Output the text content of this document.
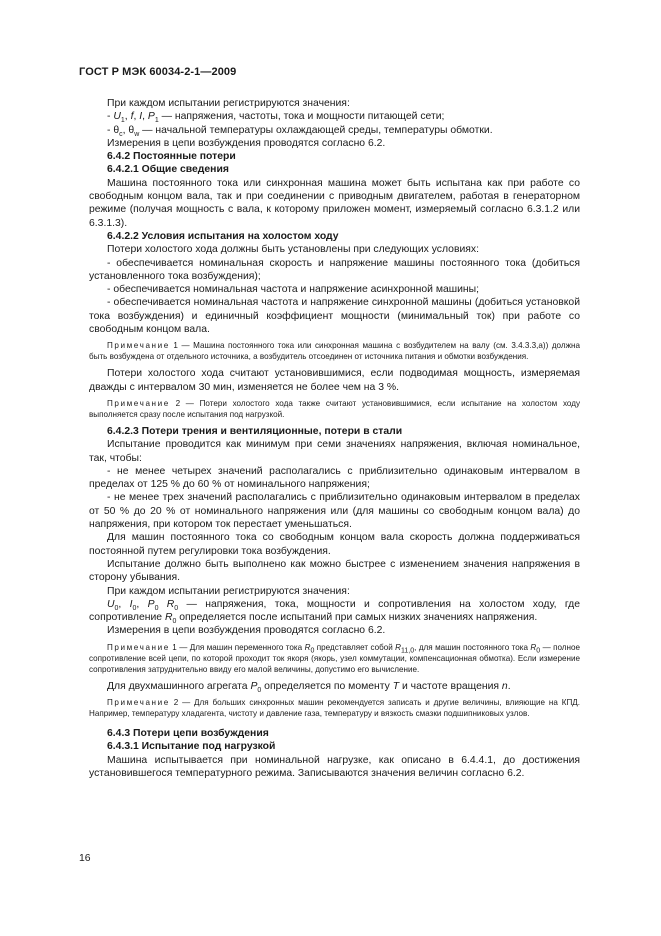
ГОСТ Р МЭК 60034-2-1—2009

При каждом испытании регистрируются значения:

- $U_1$, f, I, $P_1$ — напряжения, частоты, тока и мощности питающей сети;

- $\theta_c$, $\theta_w$ — начальной температуры охлаждающей среды, температуры обмотки.

Измерения в цепи возбуждения проводятся согласно 6.2.

6.4.2 Постоянные потери

6.4.2.1 Общие сведения

Машина постоянного тока или синхронная машина может быть испытана как при работе со свободным концом вала, так и при соединении с приводным двигателем, работая в генераторном режиме (получая мощность с вала, к которому приложен момент, измеряемый согласно 6.3.1.2 или 6.3.1.3).

6.4.2.2 Условия испытания на холостом ходу

Потери холостого хода должны быть установлены при следующих условиях:

- обеспечивается номинальная скорость и напряжение машины постоянного тока (добиться установленного тока возбуждения);

- обеспечивается номинальная частота и напряжение асинхронной машины;

- обеспечивается номинальная частота и напряжение синхронной машины (добиться установкой тока возбуждения) и единичный коэффициент мощности (минимальный ток) при работе со свободным концом вала.

Примечание 1 — Машина постоянного тока или синхронная машина с возбудителем на валу (см. 3.4.3.3,а)) должна быть возбуждена от отдельного источника, а возбудитель отсоединен от источника питания и обмотки возбуждения.

Потери холостого хода считают установившимися, если подводимая мощность, измеряемая дважды с интервалом 30 мин, изменяется не более чем на 3 %.

Примечание 2 — Потери холостого хода также считают установившимися, если испытание на холостом ходу выполняется сразу после испытания под нагрузкой.

6.4.2.3 Потери трения и вентиляционные, потери в стали

Испытание проводится как минимум при семи значениях напряжения, включая номинальное, так, чтобы:

- не менее четырех значений располагались с приблизительно одинаковым интервалом в пределах от 125 % до 60 % от номинального напряжения;

- не менее трех значений располагались с приблизительно одинаковым интервалом в пределах от 50 % до 20 % от номинального напряжения или (для машины со свободным концом вала) до напряжения, при котором ток перестает уменьшаться.

Для машин постоянного тока со свободным концом вала скорость должна поддерживаться постоянной путем регулировки тока возбуждения.

Испытание должно быть выполнено как можно быстрее с изменением значения напряжения в сторону убывания.

При каждом испытании регистрируются значения:

$U_0$, $I_0$, $P_0$ $R_0$ — напряжения, тока, мощности и сопротивления на холостом ходу, где сопротивление $R_0$ определяется после испытаний при самых низких значениях напряжения.

Измерения в цепи возбуждения проводятся согласно 6.2.

Примечание 1 — Для машин переменного тока $R_0$ представляет собой $R_{11,0}$, для машин постоянного тока $R_0$ — полное сопротивление всей цепи, по которой проходит ток якоря (якорь, узел коммутации, компенсационная обмотка). Если измерение сопротивления затруднительно ввиду его малой величины, допустимо его вычисление.

Для двухмашинного агрегата $P_0$ определяется по моменту T и частоте вращения n.

Примечание 2 — Для больших синхронных машин рекомендуется записать и другие величины, влияющие на КПД. Например, температуру хладагента, чистоту и давление газа, температуру и вязкость смазки подшипниковых узлов.

6.4.3 Потери цепи возбуждения

6.4.3.1 Испытание под нагрузкой

Машина испытывается при номинальной нагрузке, как описано в 6.4.4.1, до достижения установившегося температурного режима. Записываются значения величин согласно 6.2.

16
